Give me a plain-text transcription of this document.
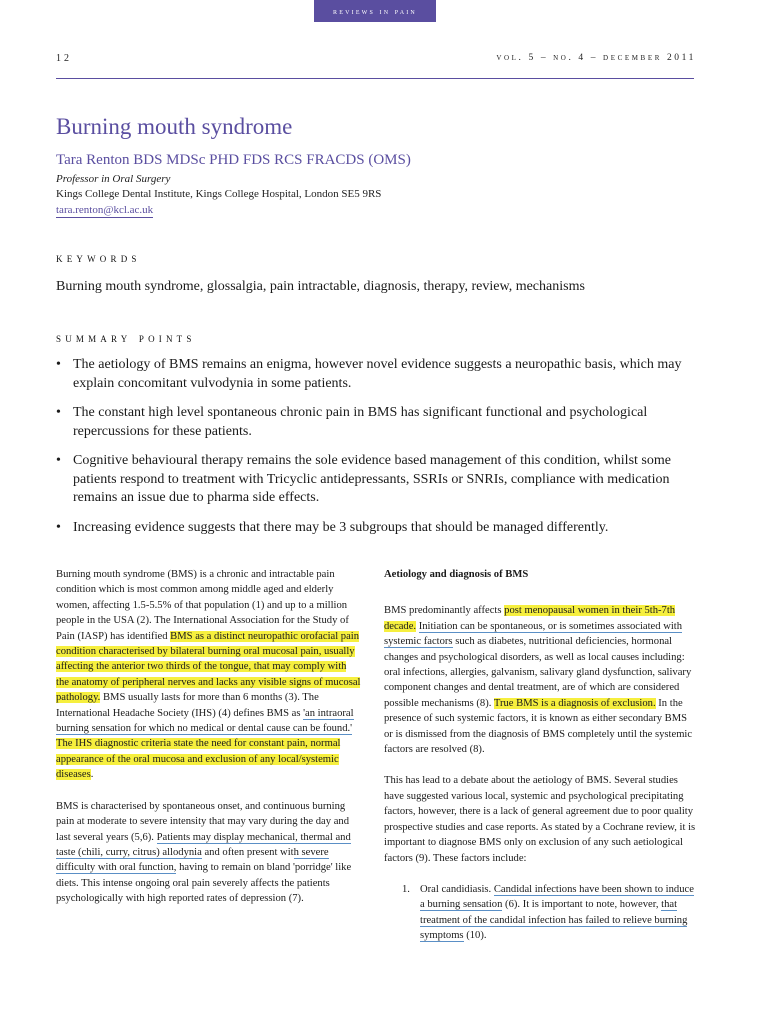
reviews in pain
12	vol. 5 – no. 4 – december 2011
Burning mouth syndrome
Tara Renton BDS MDSc PHD FDS RCS FRACDS (OMS)
Professor in Oral Surgery
Kings College Dental Institute, Kings College Hospital, London SE5 9RS
tara.renton@kcl.ac.uk
keywords
Burning mouth syndrome, glossalgia, pain intractable, diagnosis, therapy, review, mechanisms
summary points
• The aetiology of BMS remains an enigma, however novel evidence suggests a neuropathic basis, which may explain concomitant vulvodynia in some patients.
• The constant high level spontaneous chronic pain in BMS has significant functional and psychological repercussions for these patients.
• Cognitive behavioural therapy remains the sole evidence based management of this condition, whilst some patients respond to treatment with Tricyclic antidepressants, SSRIs or SNRIs, compliance with medication remains an issue due to pharma side effects.
• Increasing evidence suggests that there may be 3 subgroups that should be managed differently.

Burning mouth syndrome (BMS) is a chronic and intractable pain condition which is most common among middle aged and elderly women, affecting 1.5-5.5% of that population (1) and up to a million people in the USA (2). The International Association for the Study of Pain (IASP) has identified BMS as a distinct neuropathic orofacial pain condition characterised by bilateral burning oral mucosal pain, usually affecting the anterior two thirds of the tongue, that may comply with the anatomy of peripheral nerves and lacks any visible signs of mucosal pathology. BMS usually lasts for more than 6 months (3). The International Headache Society (IHS) (4) defines BMS as 'an intraoral burning sensation for which no medical or dental cause can be found.' The IHS diagnostic criteria state the need for constant pain, normal appearance of the oral mucosa and exclusion of any local/systemic diseases.

BMS is characterised by spontaneous onset, and continuous burning pain at moderate to severe intensity that may vary during the day and last several years (5,6). Patients may display mechanical, thermal and taste (chili, curry, citrus) allodynia and often present with severe difficulty with oral function, having to remain on bland 'porridge' like diets. This intense ongoing oral pain severely affects the patients psychologically with high reported rates of depression (7).

Aetiology and diagnosis of BMS

BMS predominantly affects post menopausal women in their 5th-7th decade. Initiation can be spontaneous, or is sometimes associated with systemic factors such as diabetes, nutritional deficiencies, hormonal changes and psychological disorders, as well as local causes including: oral infections, allergies, galvanism, salivary gland dysfunction, salivary component changes and dental treatment, are of which are considered possible mechanisms (8). True BMS is a diagnosis of exclusion. In the presence of such systemic factors, it is known as either secondary BMS or is dismissed from the diagnosis of BMS completely until the systemic factors are resolved (8).

This has lead to a debate about the aetiology of BMS. Several studies have suggested various local, systemic and psychological precipitating factors, however, there is a lack of general agreement due to poor quality prospective studies and case reports. As stated by a Cochrane review, it is important to diagnose BMS only on exclusion of any such aetiological factors (9). These factors include:

1. Oral candidiasis. Candidal infections have been shown to induce a burning sensation (6). It is important to note, however, that treatment of the candidal infection has failed to relieve burning symptoms (10).
